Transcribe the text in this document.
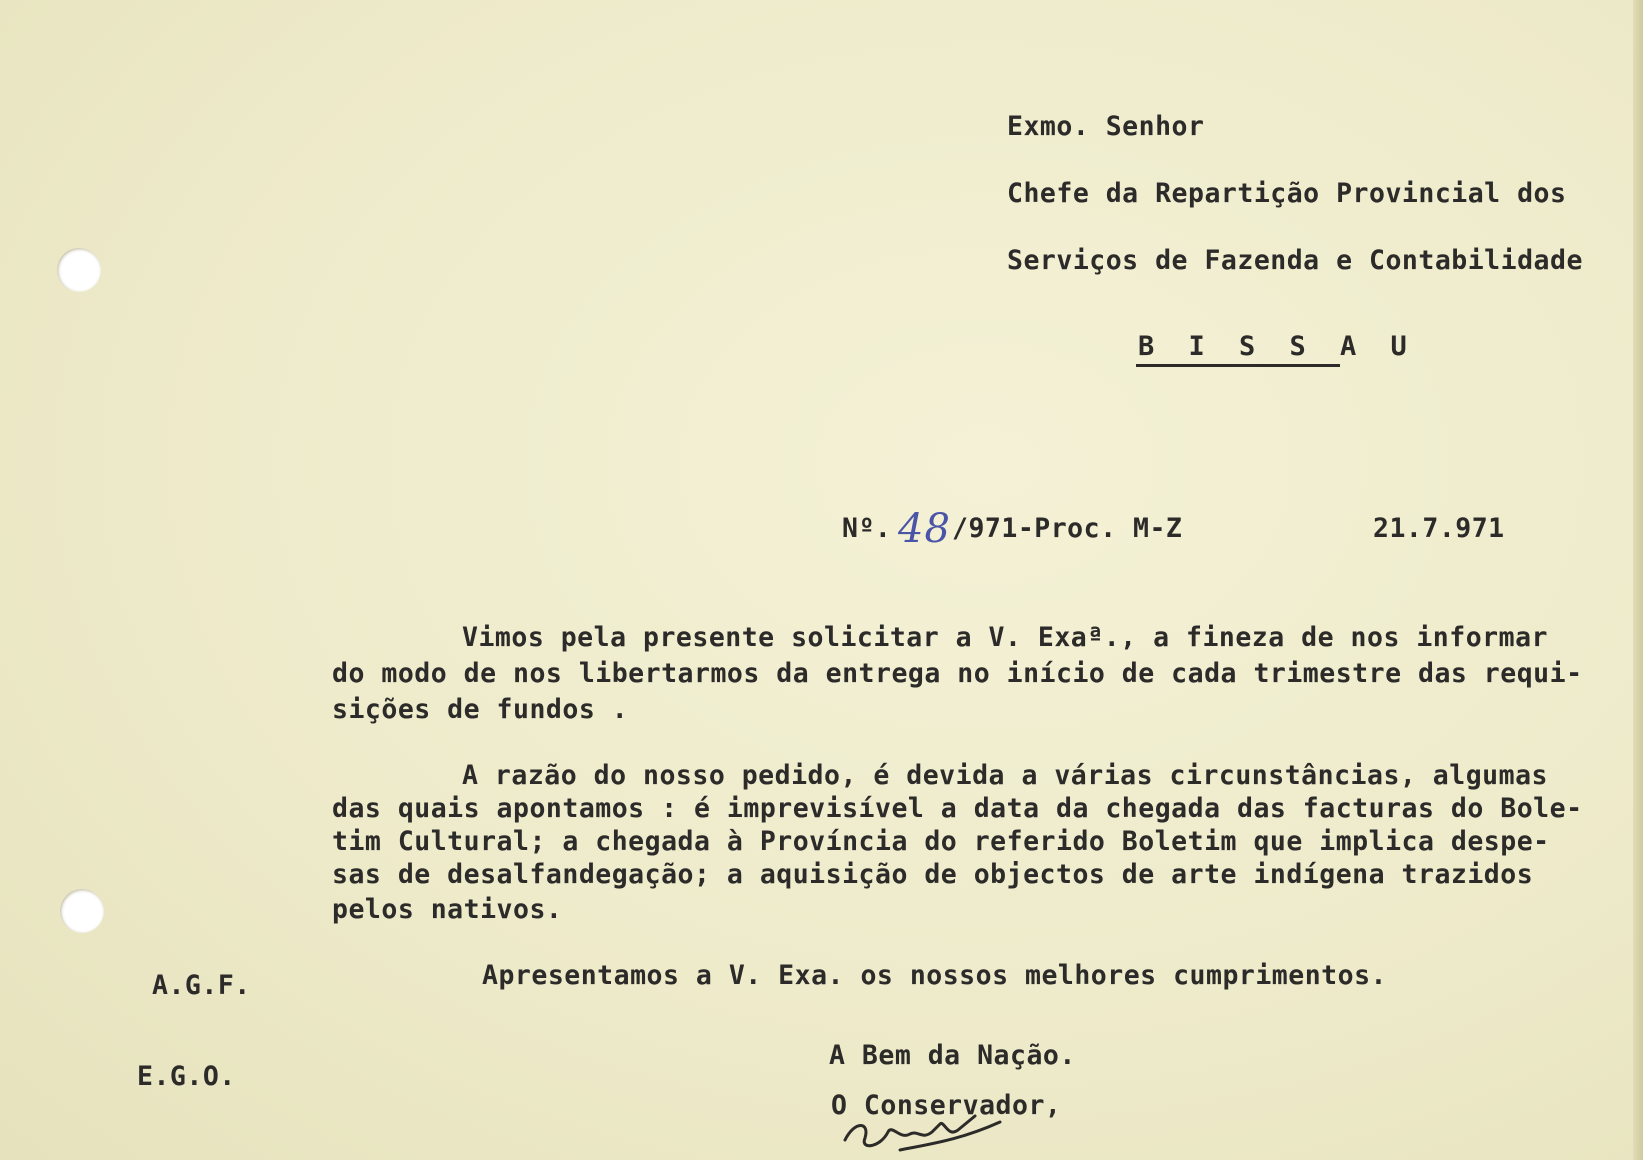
Exmo. Senhor
Chefe da Repartição Provincial dos
Serviços de Fazenda e Contabilidade
B I S S A U
Nº. 48 /971-Proc. M-Z	21.7.971
Vimos pela presente solicitar a V. Exaª., a fineza de nos informar
do modo de nos libertarmos da entrega no início de cada trimestre das requi-
sições de fundos .
A razão do nosso pedido, é devida a várias circunstâncias, algumas
das quais apontamos : é imprevisível a data da chegada das facturas do Bole-
tim Cultural; a chegada à Província do referido Boletim que implica despe-
sas de desalfandegação; a aquisição de objectos de arte indígena trazidos
pelos nativos.
Apresentamos a V. Exa. os nossos melhores cumprimentos.
A.G.F.
E.G.O.
A Bem da Nação.
O Conservador,
